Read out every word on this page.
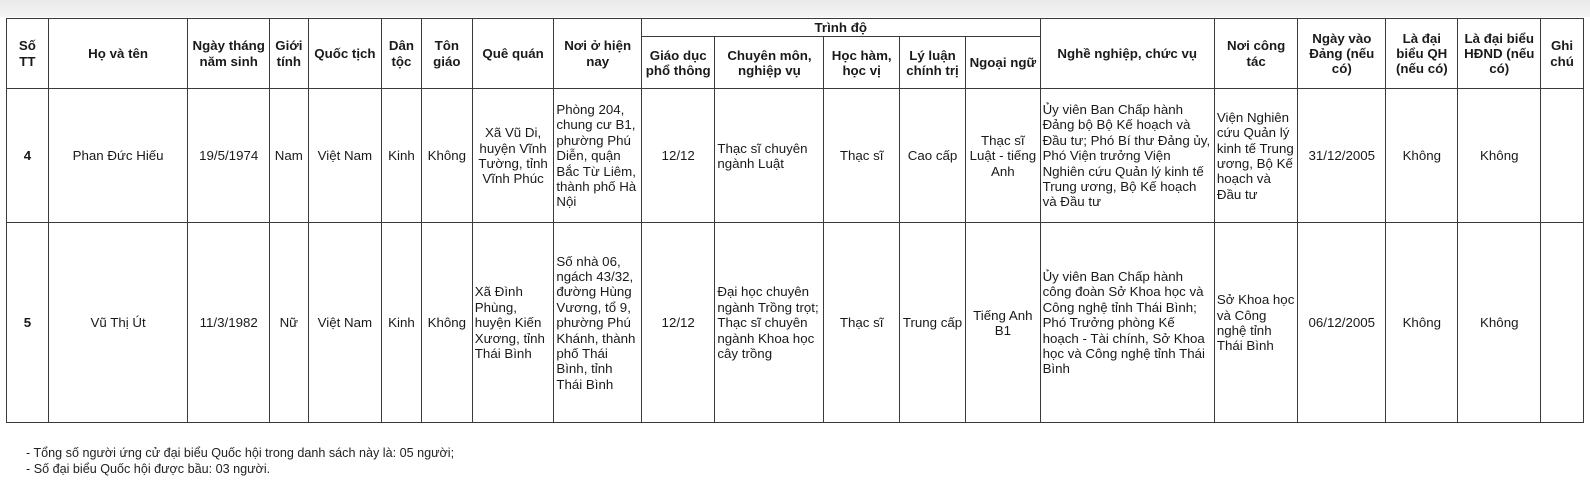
Số TT	Họ và tên	Ngày tháng năm sinh	Giới tính	Quốc tịch	Dân tộc	Tôn giáo	Quê quán	Nơi ở hiện nay	Trình độ					Nghề nghiệp, chức vụ	Nơi công tác	Ngày vào Đảng (nếu có)	Là đại biểu QH (nếu có)	Là đại biểu HĐND (nếu có)	Ghi chú
									Giáo dục phổ thông	Chuyên môn, nghiệp vụ	Học hàm, học vị	Lý luận chính trị	Ngoại ngữ						
4	Phan Đức Hiếu	19/5/1974	Nam	Việt Nam	Kinh	Không	Xã Vũ Di, huyện Vĩnh Tường, tỉnh Vĩnh Phúc	Phòng 204, chung cư B1, phường Phú Diễn, quận Bắc Từ Liêm, thành phố Hà Nội	12/12	Thạc sĩ chuyên ngành Luật	Thạc sĩ	Cao cấp	Thạc sĩ Luật - tiếng Anh	Ủy viên Ban Chấp hành Đảng bộ Bộ Kế hoạch và Đầu tư; Phó Bí thư Đảng ủy, Phó Viện trưởng Viện Nghiên cứu Quản lý kinh tế Trung ương, Bộ Kế hoạch và Đầu tư	Viện Nghiên cứu Quản lý kinh tế Trung ương, Bộ Kế hoạch và Đầu tư	31/12/2005	Không	Không	
5	Vũ Thị Út	11/3/1982	Nữ	Việt Nam	Kinh	Không	Xã Đình Phùng, huyện Kiến Xương, tỉnh Thái Bình	Số nhà 06, ngách 43/32, đường Hùng Vương, tổ 9, phường Phú Khánh, thành phố Thái Bình, tỉnh Thái Bình	12/12	Đại học chuyên ngành Trồng trọt; Thạc sĩ chuyên ngành Khoa học cây trồng	Thạc sĩ	Trung cấp	Tiếng Anh B1	Ủy viên Ban Chấp hành công đoàn Sở Khoa học và Công nghệ tỉnh Thái Bình; Phó Trưởng phòng Kế hoạch - Tài chính, Sở Khoa học và Công nghệ tỉnh Thái Bình	Sở Khoa học và Công nghệ tỉnh Thái Bình	06/12/2005	Không	Không	
- Tổng số người ứng cử đại biểu Quốc hội trong danh sách này là: 05 người;
- Số đại biểu Quốc hội được bầu: 03 người.
